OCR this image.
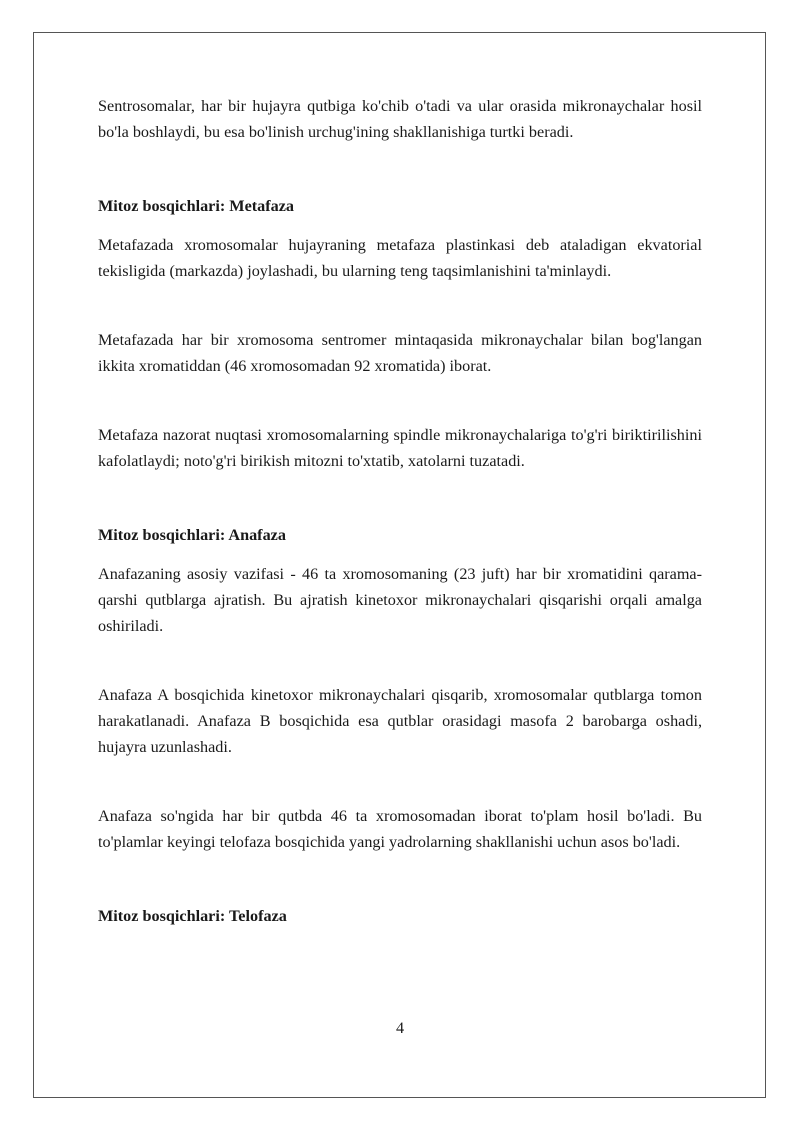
Sentrosomalar, har bir hujayra qutbiga ko'chib o'tadi va ular orasida mikronaychalar hosil bo'la boshlaydi, bu esa bo'linish urchug'ining shakllanishiga turtki beradi.

Mitoz bosqichlari: Metafaza

Metafazada xromosomalar hujayraning metafaza plastinkasi deb ataladigan ekvatorial tekisligida (markazda) joylashadi, bu ularning teng taqsimlanishini ta'minlaydi.

Metafazada har bir xromosoma sentromer mintaqasida mikronaychalar bilan bog'langan ikkita xromatiddan (46 xromosomadan 92 xromatida) iborat.

Metafaza nazorat nuqtasi xromosomalarning spindle mikronaychalariga to'g'ri biriktirilishini kafolatlaydi; noto'g'ri birikish mitozni to'xtatib, xatolarni tuzatadi.

Mitoz bosqichlari: Anafaza

Anafazaning asosiy vazifasi - 46 ta xromosomaning (23 juft) har bir xromatidini qarama-qarshi qutblarga ajratish. Bu ajratish kinetoxor mikronaychalari qisqarishi orqali amalga oshiriladi.

Anafaza A bosqichida kinetoxor mikronaychalari qisqarib, xromosomalar qutblarga tomon harakatlanadi. Anafaza B bosqichida esa qutblar orasidagi masofa 2 barobarga oshadi, hujayra uzunlashadi.

Anafaza so'ngida har bir qutbda 46 ta xromosomadan iborat to'plam hosil bo'ladi. Bu to'plamlar keyingi telofaza bosqichida yangi yadrolarning shakllanishi uchun asos bo'ladi.

Mitoz bosqichlari: Telofaza

4
